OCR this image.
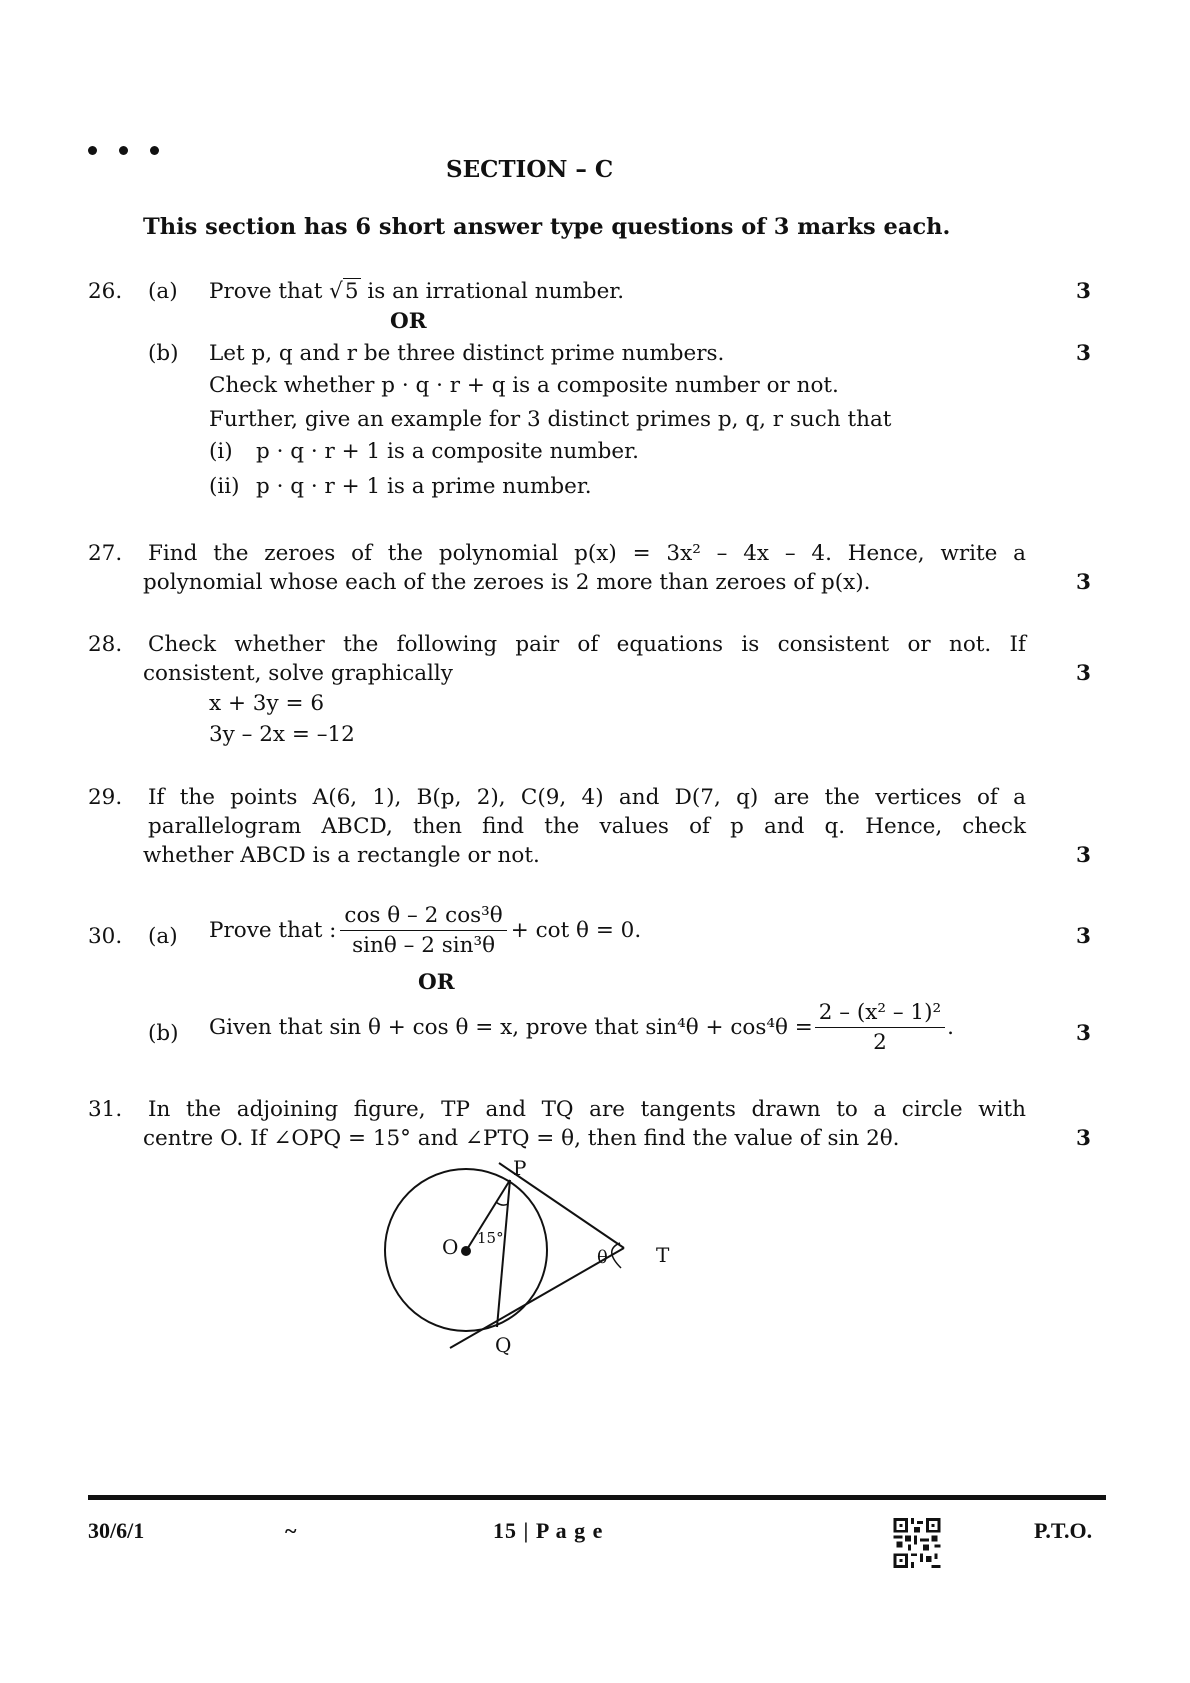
SECTION – C
This section has 6 short answer type questions of 3 marks each.
26. (a) Prove that √5 is an irrational number.	3
OR
(b) Let p, q and r be three distinct prime numbers.	3
Check whether p · q · r + q is a composite number or not.
Further, give an example for 3 distinct primes p, q, r such that
(i) p · q · r + 1 is a composite number.
(ii) p · q · r + 1 is a prime number.
27. Find the zeroes of the polynomial p(x) = 3x² – 4x – 4. Hence, write a
polynomial whose each of the zeroes is 2 more than zeroes of p(x).	3
28. Check whether the following pair of equations is consistent or not. If
consistent, solve graphically	3
x + 3y = 6
3y – 2x = –12
29. If the points A(6, 1), B(p, 2), C(9, 4) and D(7, q) are the vertices of a
parallelogram ABCD, then find the values of p and q. Hence, check
whether ABCD is a rectangle or not.	3
30. (a) Prove that : $\frac{\text{cos θ – 2 cos³θ}}{\text{sinθ – 2 sin³θ}} + \cot \theta = 0$.	3
OR
(b) Given that sin θ + cos θ = x, prove that $\sin^4\theta + \cos^4\theta = \frac{\text{2 – (x² – 1)²}}{2}$ .	3
31. In the adjoining figure, TP and TQ are tangents drawn to a circle with
centre O. If ∠OPQ = 15° and ∠PTQ = θ, then find the value of sin 2θ.	3
P
Q
O	T
15°
θ
30/6/1	~	15 | P a g e	P.T.O.
